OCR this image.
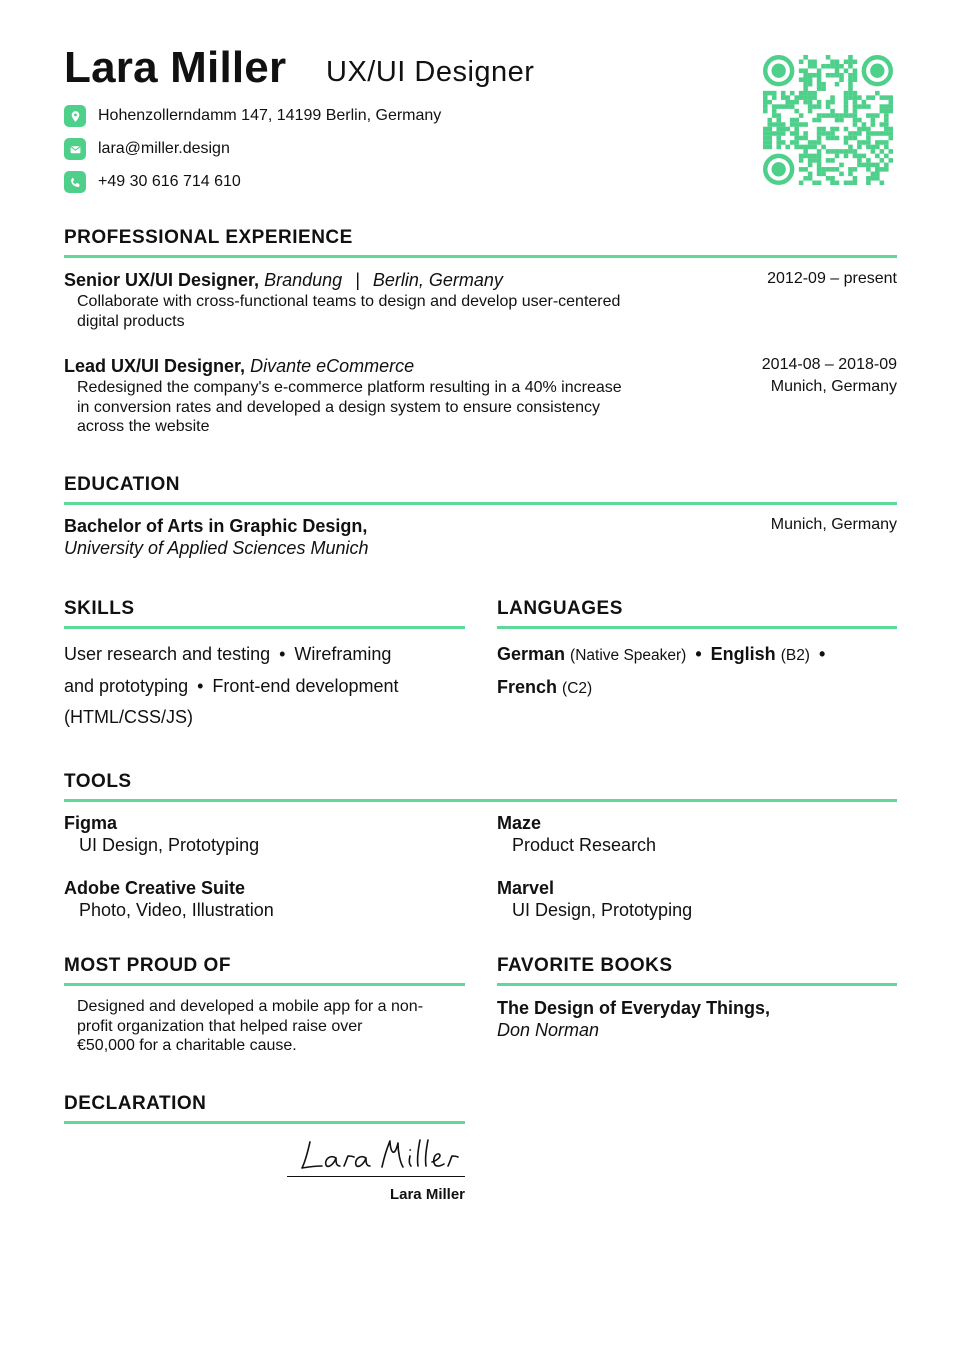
Lara Miller UX/UI Designer
Hohenzollerndamm 147, 14199 Berlin, Germany
lara@miller.design
+49 30 616 714 610
PROFESSIONAL EXPERIENCE
Senior UX/UI Designer, Brandung | Berlin, Germany	2012-09 – present
Collaborate with cross-functional teams to design and develop user-centered
digital products
Lead UX/UI Designer, Divante eCommerce	2014-08 – 2018-09
Munich, Germany
Redesigned the company's e-commerce platform resulting in a 40% increase
in conversion rates and developed a design system to ensure consistency
across the website
EDUCATION
Bachelor of Arts in Graphic Design,
University of Applied Sciences Munich
Munich, Germany
SKILLS
User research and testing • Wireframing
and prototyping • Front-end development
(HTML/CSS/JS)
LANGUAGES
German (Native Speaker) • English (B2) •
French (C2)
TOOLS
Figma
UI Design, Prototyping
Maze
Product Research
Adobe Creative Suite
Photo, Video, Illustration
Marvel
UI Design, Prototyping
MOST PROUD OF
Designed and developed a mobile app for a non-
profit organization that helped raise over
€50,000 for a charitable cause.
FAVORITE BOOKS
The Design of Everyday Things,
Don Norman
DECLARATION
Lara Miller
